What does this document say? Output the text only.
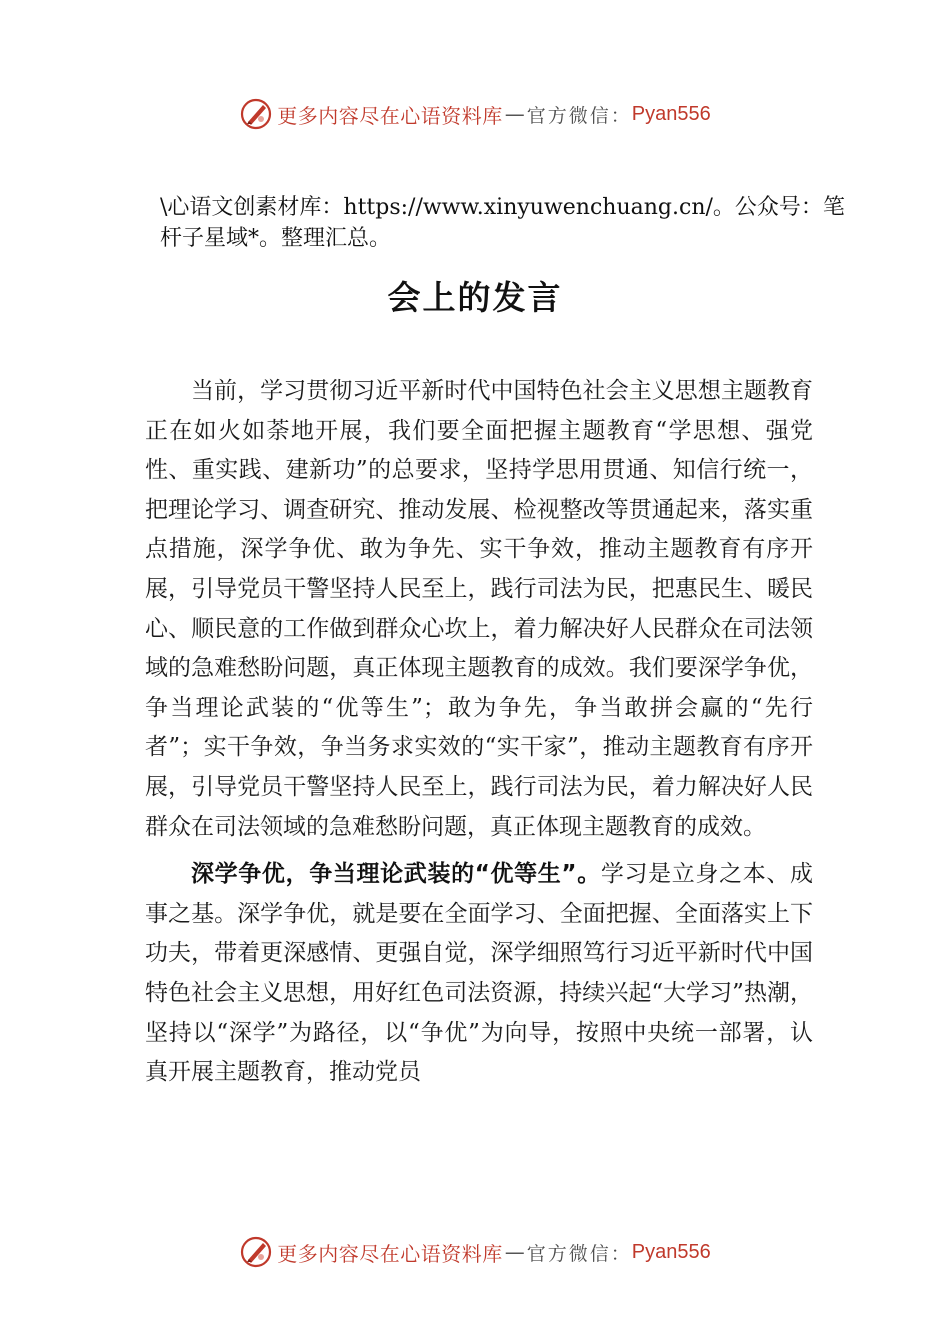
更多内容尽在心语资料库 — 官方微信： Pyan556

\心语文创素材库：https://www.xinyuwenchuang.cn/。公众号：笔杆子星域*。整理汇总。

会上的发言

当前，学习贯彻习近平新时代中国特色社会主义思想主题教育正在如火如荼地开展，我们要全面把握主题教育“学思想、强党性、重实践、建新功”的总要求，坚持学思用贯通、知信行统一，把理论学习、调查研究、推动发展、检视整改等贯通起来，落实重点措施，深学争优、敢为争先、实干争效，推动主题教育有序开展，引导党员干警坚持人民至上，践行司法为民，把惠民生、暖民心、顺民意的工作做到群众心坎上，着力解决好人民群众在司法领域的急难愁盼问题，真正体现主题教育的成效。我们要深学争优，争当理论武装的“优等生”；敢为争先，争当敢拼会赢的“先行者”；实干争效，争当务求实效的“实干家”，推动主题教育有序开展，引导党员干警坚持人民至上，践行司法为民，着力解决好人民群众在司法领域的急难愁盼问题，真正体现主题教育的成效。

深学争优，争当理论武装的“优等生”。学习是立身之本、成事之基。深学争优，就是要在全面学习、全面把握、全面落实上下功夫，带着更深感情、更强自觉，深学细照笃行习近平新时代中国特色社会主义思想，用好红色司法资源，持续兴起“大学习”热潮，坚持以“深学”为路径，以“争优”为向导，按照中央统一部署，认真开展主题教育，推动党员

更多内容尽在心语资料库 — 官方微信： Pyan556
